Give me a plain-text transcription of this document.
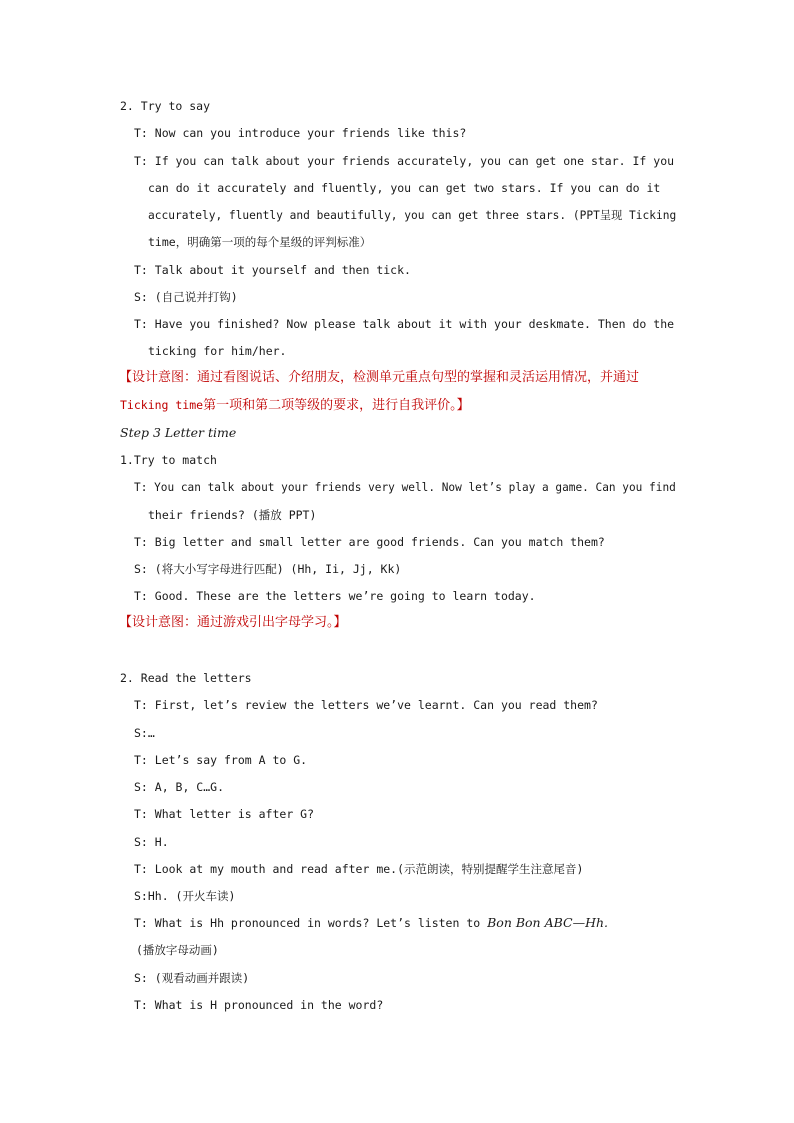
2. Try to say
T: Now can you introduce your friends like this?
T: If you can talk about your friends accurately, you can get one star. If you
can do it accurately and fluently, you can get two stars. If you can do it
accurately, fluently and beautifully, you can get three stars. (PPT呈现 Ticking
time，明确第一项的每个星级的评判标准）
T: Talk about it yourself and then tick.
S: (自己说并打钩)
T: Have you finished? Now please talk about it with your deskmate. Then do the
ticking for him/her.
【设计意图：通过看图说话、介绍朋友，检测单元重点句型的掌握和灵活运用情况，并通过
Ticking time第一项和第二项等级的要求，进行自我评价。】
Step 3 Letter time
1.Try to match
T: You can talk about your friends very well. Now let’s play a game. Can you find
their friends? (播放 PPT)
T: Big letter and small letter are good friends. Can you match them?
S: (将大小写字母进行匹配) (Hh, Ii, Jj, Kk)
T: Good. These are the letters we’re going to learn today.
【设计意图：通过游戏引出字母学习。】
2. Read the letters
T: First, let’s review the letters we’ve learnt. Can you read them?
S:…
T: Let’s say from A to G.
S: A, B, C…G.
T: What letter is after G?
S: H.
T: Look at my mouth and read after me.(示范朗读，特别提醒学生注意尾音)
S:Hh. (开火车读)
T: What is Hh pronounced in words? Let’s listen to Bon Bon ABC—Hh.
(播放字母动画)
S: (观看动画并跟读)
T: What is H pronounced in the word?
